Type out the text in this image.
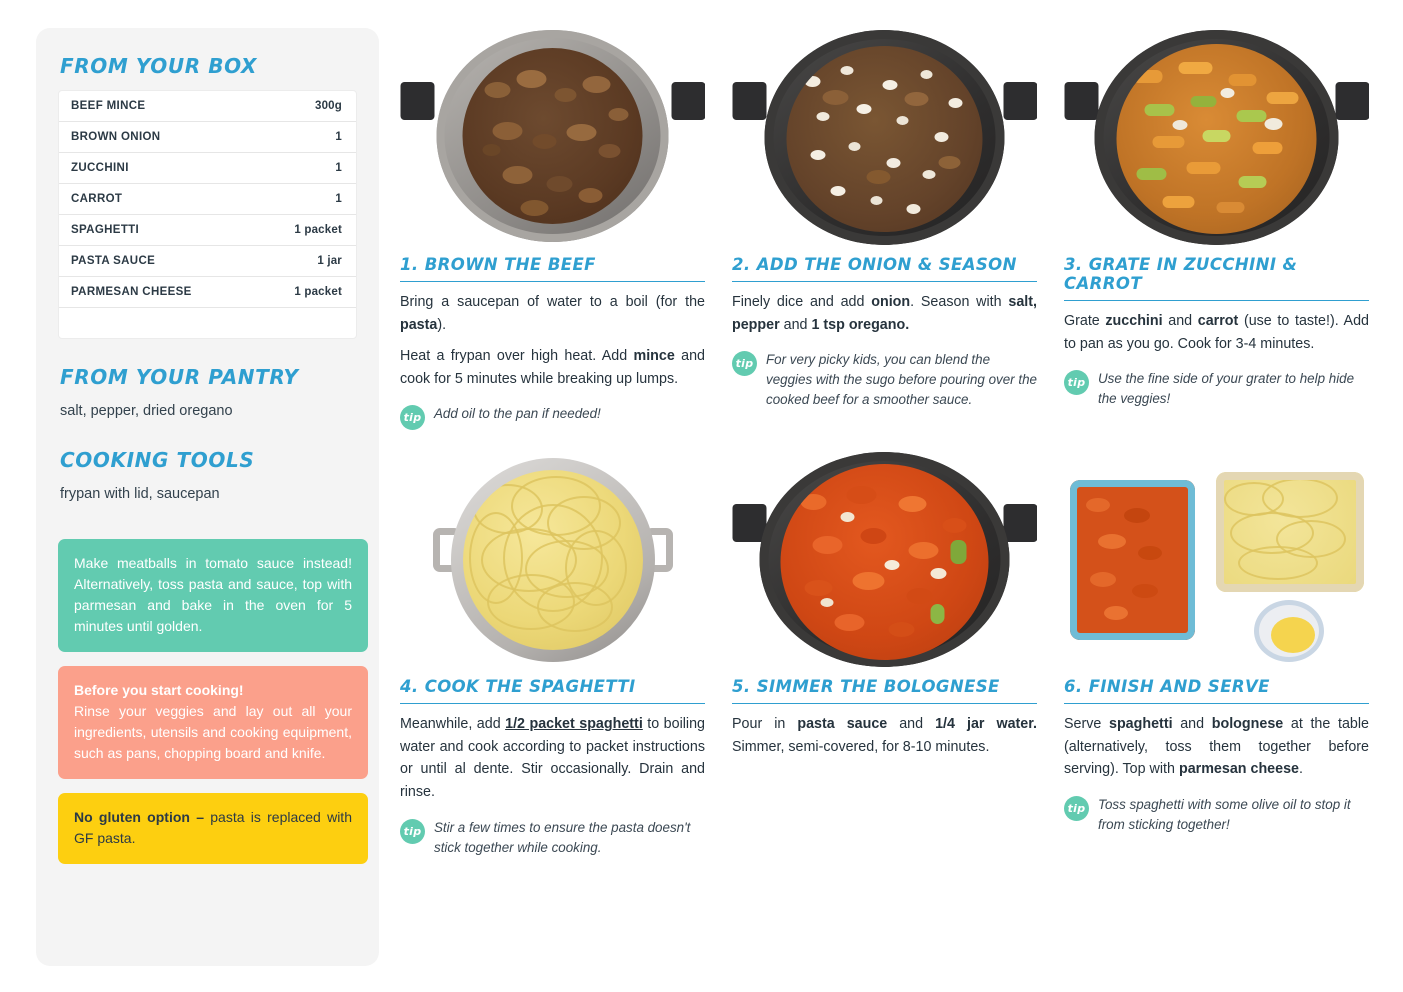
FROM YOUR BOX
BEEF MINCE	300g
BROWN ONION	1
ZUCCHINI	1
CARROT	1
SPAGHETTI	1 packet
PASTA SAUCE	1 jar
PARMESAN CHEESE	1 packet
FROM YOUR PANTRY

salt, pepper, dried oregano

COOKING TOOLS

frypan with lid, saucepan

Make meatballs in tomato sauce instead! Alternatively, toss pasta and sauce, top with parmesan and bake in the oven for 5 minutes until golden.
Before you start cooking!
Rinse your veggies and lay out all your ingredients, utensils and cooking equipment, such as pans, chopping board and knife.
No gluten option – pasta is replaced with GF pasta.
1. BROWN THE BEEF

Bring a saucepan of water to a boil (for the pasta).

Heat a frypan over high heat. Add mince and cook for 5 minutes while breaking up lumps.

tip Add oil to the pan if needed!
2. ADD THE ONION & SEASON

Finely dice and add onion. Season with salt, pepper and 1 tsp oregano.

tip For very picky kids, you can blend the veggies with the sugo before pouring over the cooked beef for a smoother sauce.
3. GRATE IN ZUCCHINI & CARROT

Grate zucchini and carrot (use to taste!). Add to pan as you go. Cook for 3-4 minutes.

tip Use the fine side of your grater to help hide the veggies!
4. COOK THE SPAGHETTI

Meanwhile, add 1/2 packet spaghetti to boiling water and cook according to packet instructions or until al dente. Stir occasionally. Drain and rinse.

tip Stir a few times to ensure the pasta doesn't stick together while cooking.
5. SIMMER THE BOLOGNESE

Pour in pasta sauce and 1/4 jar water. Simmer, semi-covered, for 8-10 minutes.

6. FINISH AND SERVE

Serve spaghetti and bolognese at the table (alternatively, toss them together before serving). Top with parmesan cheese.

tip Toss spaghetti with some olive oil to stop it from sticking together!
